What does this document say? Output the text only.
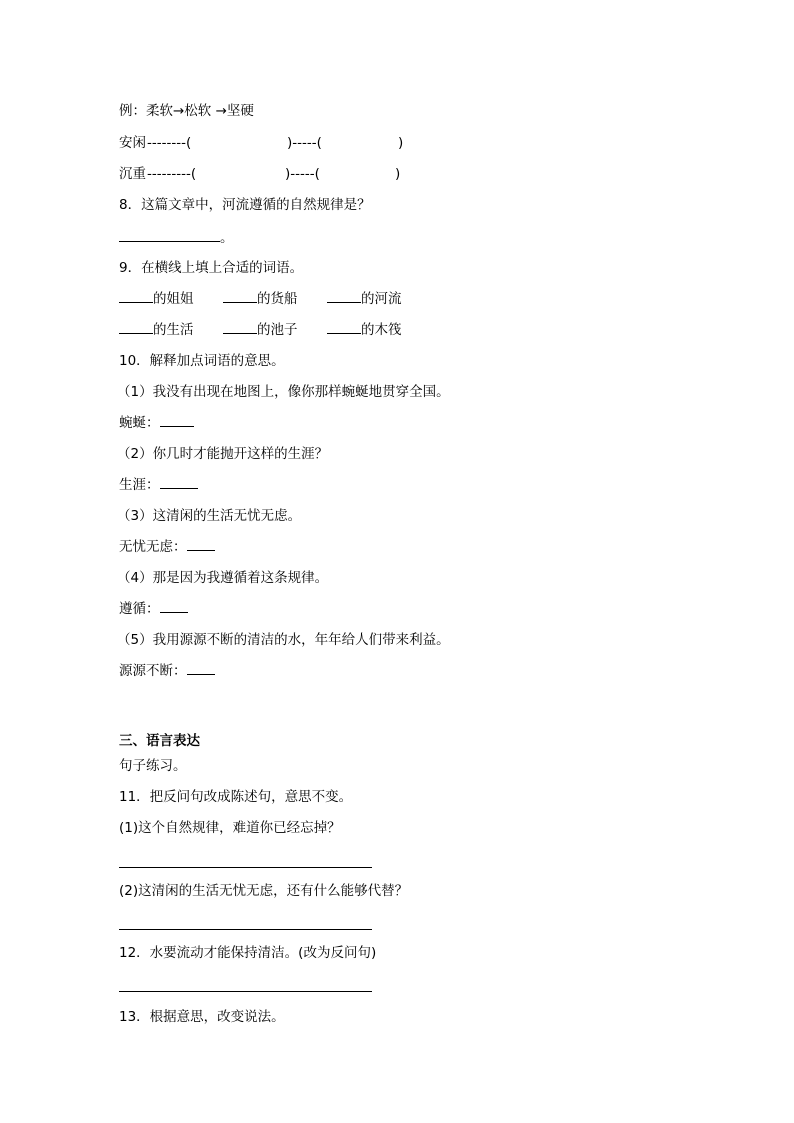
例：柔软→松软 →坚硬
安闲 --------(	)-----(	)
沉重 ---------(	)-----(	)
8．这篇文章中，河流遵循的自然规律是？
。
9．在横线上填上合适的词语。
的姐姐	的货船	的河流
的生活	的池子	的木筏
10．解释加点词语的意思。
（1）我没有出现在地图上，像你那样蜿蜒地贯穿全国。
蜿蜒：
（2）你几时才能抛开这样的生涯？
生涯：
（3）这清闲的生活无忧无虑。
无忧无虑：
（4）那是因为我遵循着这条规律。
遵循：
（5）我用源源不断的清洁的水，年年给人们带来利益。
源源不断：
三、语言表达
句子练习。
11．把反问句改成陈述句，意思不变。
(1)这个自然规律，难道你已经忘掉？
(2)这清闲的生活无忧无虑，还有什么能够代替？
12．水要流动才能保持清洁。(改为反问句)
13．根据意思，改变说法。
